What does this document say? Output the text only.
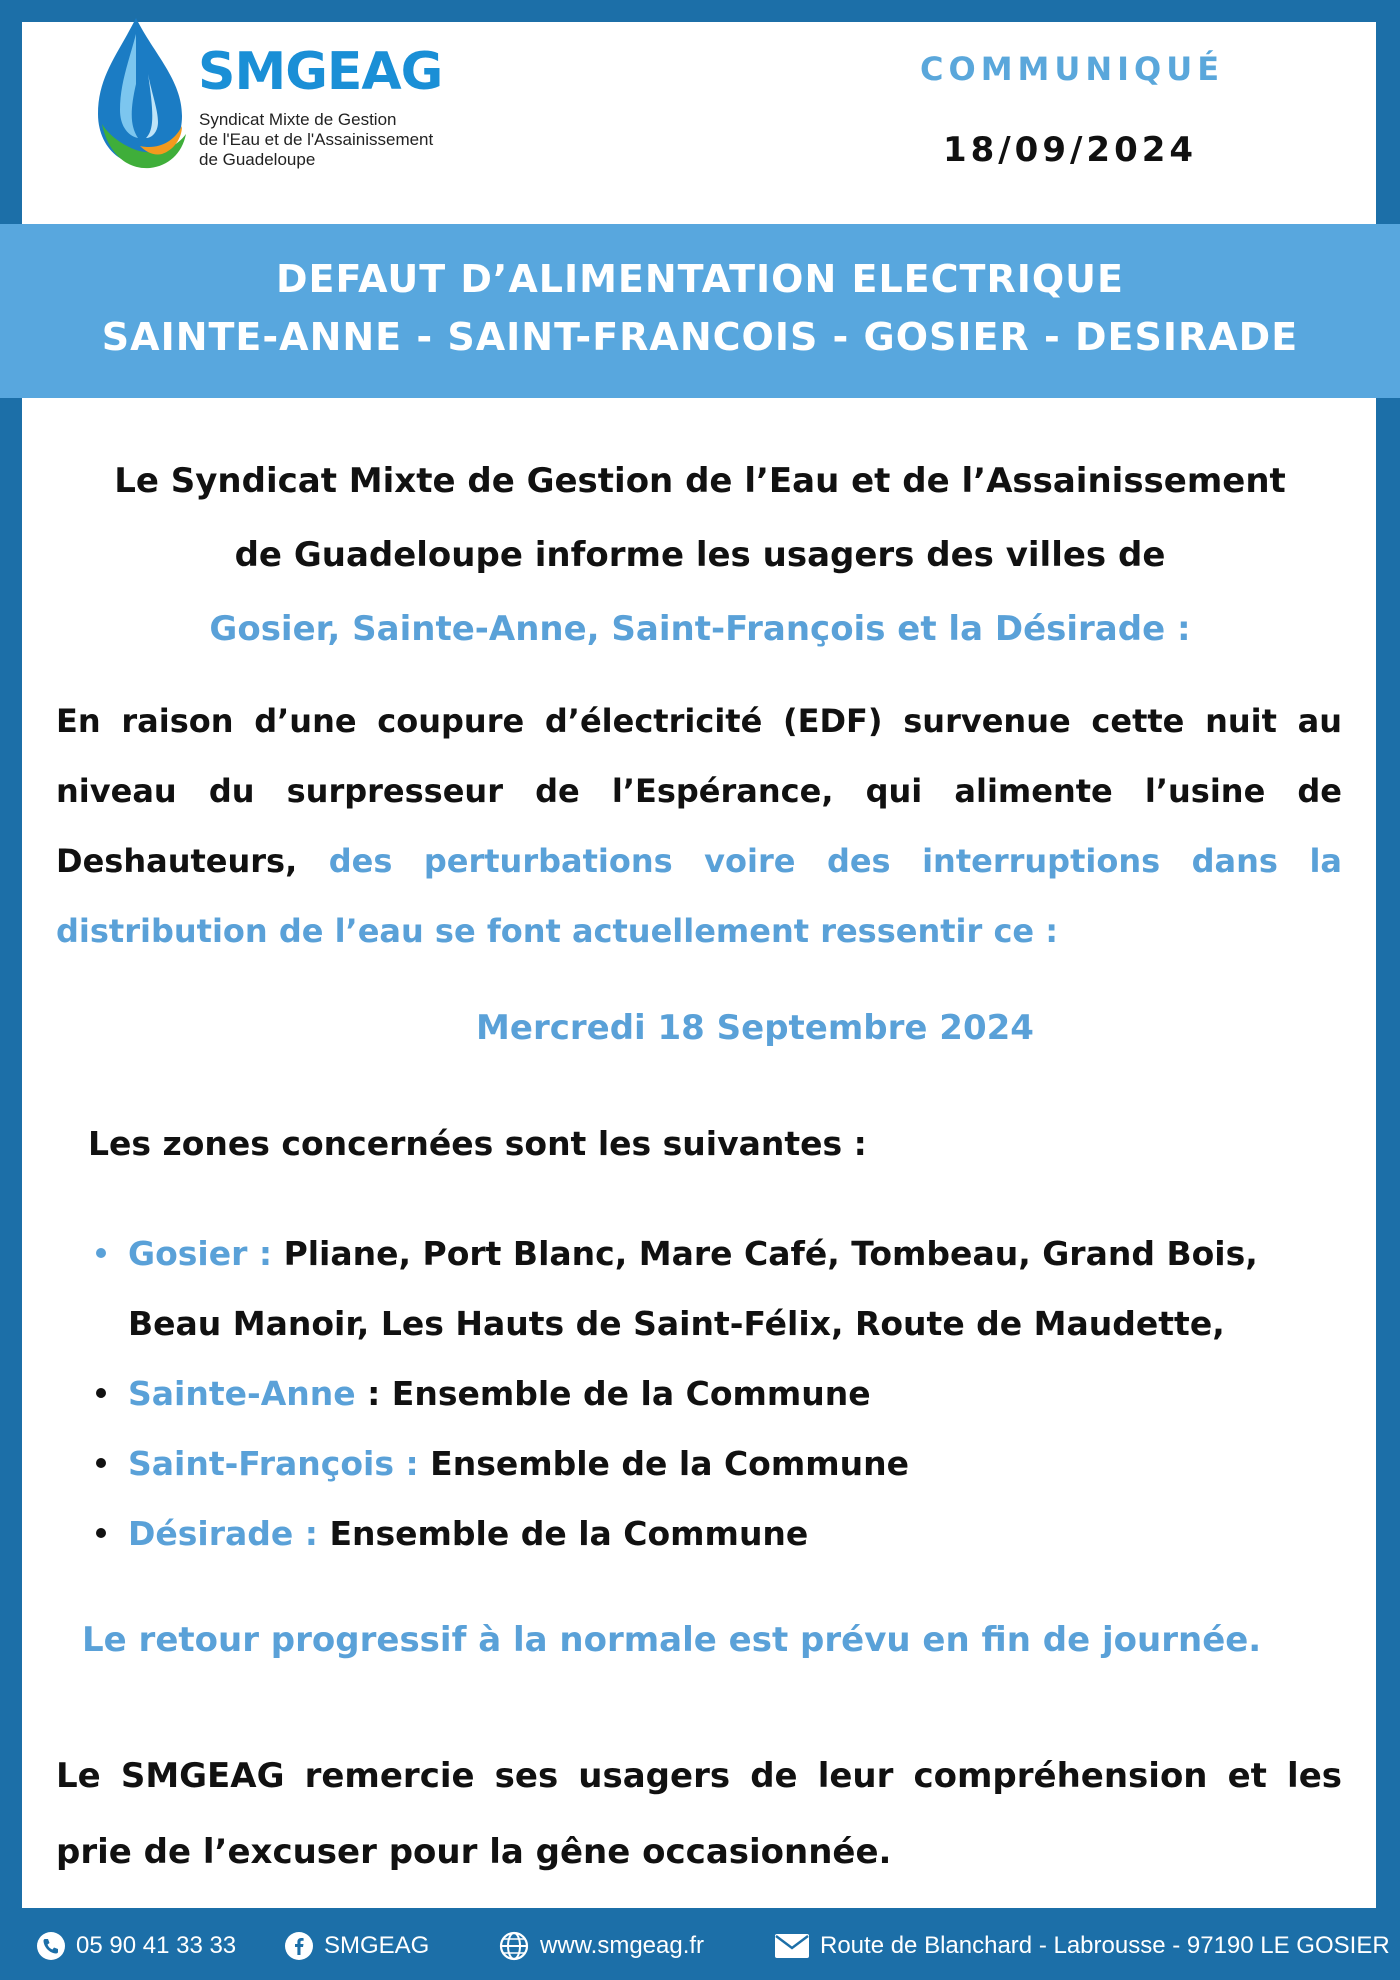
SMGEAG
Syndicat Mixte de Gestion
de l'Eau et de l'Assainissement
de Guadeloupe
COMMUNIQUÉ
18/09/2024
DEFAUT D’ALIMENTATION ELECTRIQUE
SAINTE-ANNE - SAINT-FRANCOIS - GOSIER - DESIRADE
Le Syndicat Mixte de Gestion de l’Eau et de l’Assainissement
de Guadeloupe informe les usagers des villes de
Gosier, Sainte-Anne, Saint-François et la Désirade :
En raison d’une coupure d’électricité (EDF) survenue cette nuit au niveau du surpresseur de l’Espérance, qui alimente l’usine de Deshauteurs, des perturbations voire des interruptions dans la distribution de l’eau se font actuellement ressentir ce :
Mercredi 18 Septembre 2024
Les zones concernées sont les suivantes :
Gosier : Pliane, Port Blanc, Mare Café, Tombeau, Grand Bois, Beau Manoir, Les Hauts de Saint-Félix, Route de Maudette,
Sainte-Anne : Ensemble de la Commune
Saint-François : Ensemble de la Commune
Désirade : Ensemble de la Commune
Le retour progressif à la normale est prévu en fin de journée.
Le SMGEAG remercie ses usagers de leur compréhension et les prie de l’excuser pour la gêne occasionnée.
05 90 41 33 33	SMGEAG	www.smgeag.fr	Route de Blanchard - Labrousse - 97190 LE GOSIER
